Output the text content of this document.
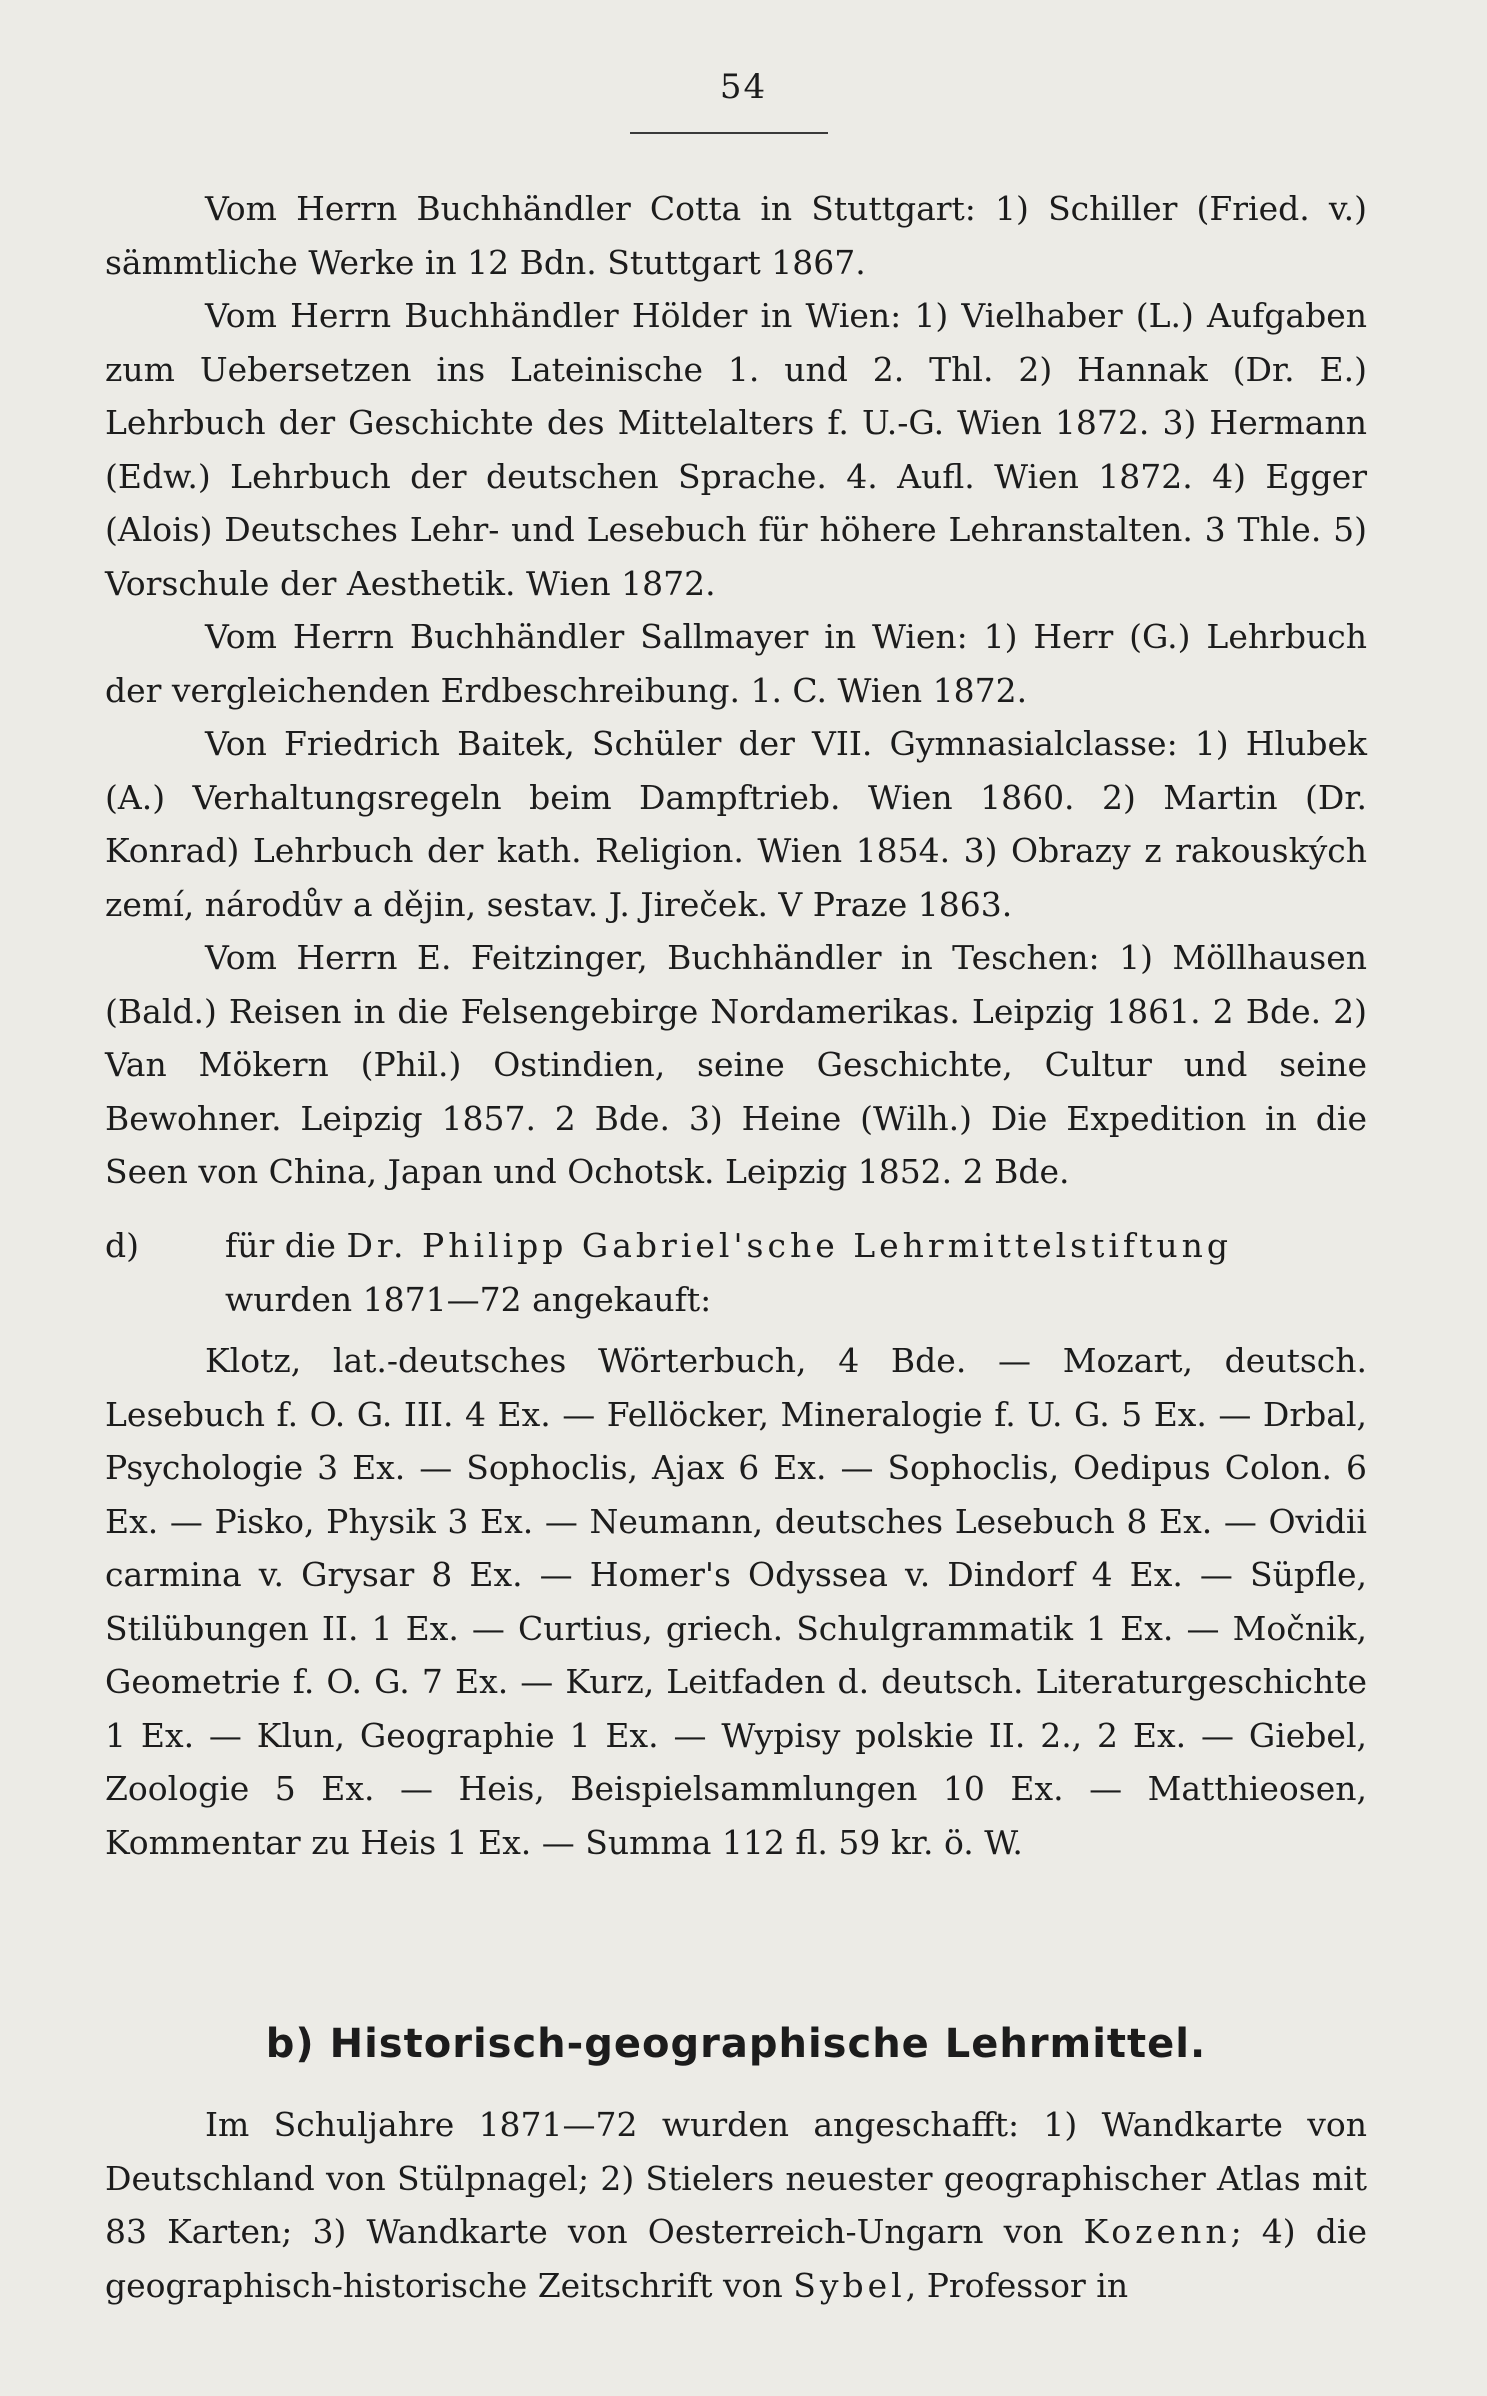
54

Vom Herrn Buchhändler Cotta in Stuttgart: 1) Schiller (Fried. v.) sämmtliche Werke in 12 Bdn. Stuttgart 1867.

Vom Herrn Buchhändler Hölder in Wien: 1) Vielhaber (L.) Aufgaben zum Uebersetzen ins Lateinische 1. und 2. Thl. 2) Hannak (Dr. E.) Lehrbuch der Geschichte des Mittelalters f. U.-G. Wien 1872. 3) Hermann (Edw.) Lehrbuch der deutschen Sprache. 4. Aufl. Wien 1872. 4) Egger (Alois) Deutsches Lehr- und Lesebuch für höhere Lehranstalten. 3 Thle. 5) Vorschule der Aesthetik. Wien 1872.

Vom Herrn Buchhändler Sallmayer in Wien: 1) Herr (G.) Lehrbuch der vergleichenden Erdbeschreibung. 1. C. Wien 1872.

Von Friedrich Baitek, Schüler der VII. Gymnasialclasse: 1) Hlubek (A.) Verhaltungsregeln beim Dampftrieb. Wien 1860. 2) Martin (Dr. Konrad) Lehrbuch der kath. Religion. Wien 1854. 3) Obrazy z rakouských zemí, národův a dějin, sestav. J. Jireček. V Praze 1863.

Vom Herrn E. Feitzinger, Buchhändler in Teschen: 1) Möllhausen (Bald.) Reisen in die Felsengebirge Nordamerikas. Leipzig 1861. 2 Bde. 2) Van Mökern (Phil.) Ostindien, seine Geschichte, Cultur und seine Bewohner. Leipzig 1857. 2 Bde. 3) Heine (Wilh.) Die Expedition in die Seen von China, Japan und Ochotsk. Leipzig 1852. 2 Bde.

d)	für die Dr. Philipp Gabriel'sche Lehrmittelstiftung wurden 1871—72 angekauft:

Klotz, lat.-deutsches Wörterbuch, 4 Bde. — Mozart, deutsch. Lesebuch f. O. G. III. 4 Ex. — Fellöcker, Mineralogie f. U. G. 5 Ex. — Drbal, Psychologie 3 Ex. — Sophoclis, Ajax 6 Ex. — Sophoclis, Oedipus Colon. 6 Ex. — Pisko, Physik 3 Ex. — Neumann, deutsches Lesebuch 8 Ex. — Ovidii carmina v. Grysar 8 Ex. — Homer's Odyssea v. Dindorf 4 Ex. — Süpfle, Stilübungen II. 1 Ex. — Curtius, griech. Schulgrammatik 1 Ex. — Močnik, Geometrie f. O. G. 7 Ex. — Kurz, Leitfaden d. deutsch. Literaturgeschichte 1 Ex. — Klun, Geographie 1 Ex. — Wypisy polskie II. 2., 2 Ex. — Giebel, Zoologie 5 Ex. — Heis, Beispielsammlungen 10 Ex. — Matthieosen, Kommentar zu Heis 1 Ex. — Summa 112 fl. 59 kr. ö. W.

b) Historisch-geographische Lehrmittel.

Im Schuljahre 1871—72 wurden angeschafft: 1) Wandkarte von Deutschland von Stülpnagel; 2) Stielers neuester geographischer Atlas mit 83 Karten; 3) Wandkarte von Oesterreich-Ungarn von Kozenn; 4) die geographisch-historische Zeitschrift von Sybel, Professor in
